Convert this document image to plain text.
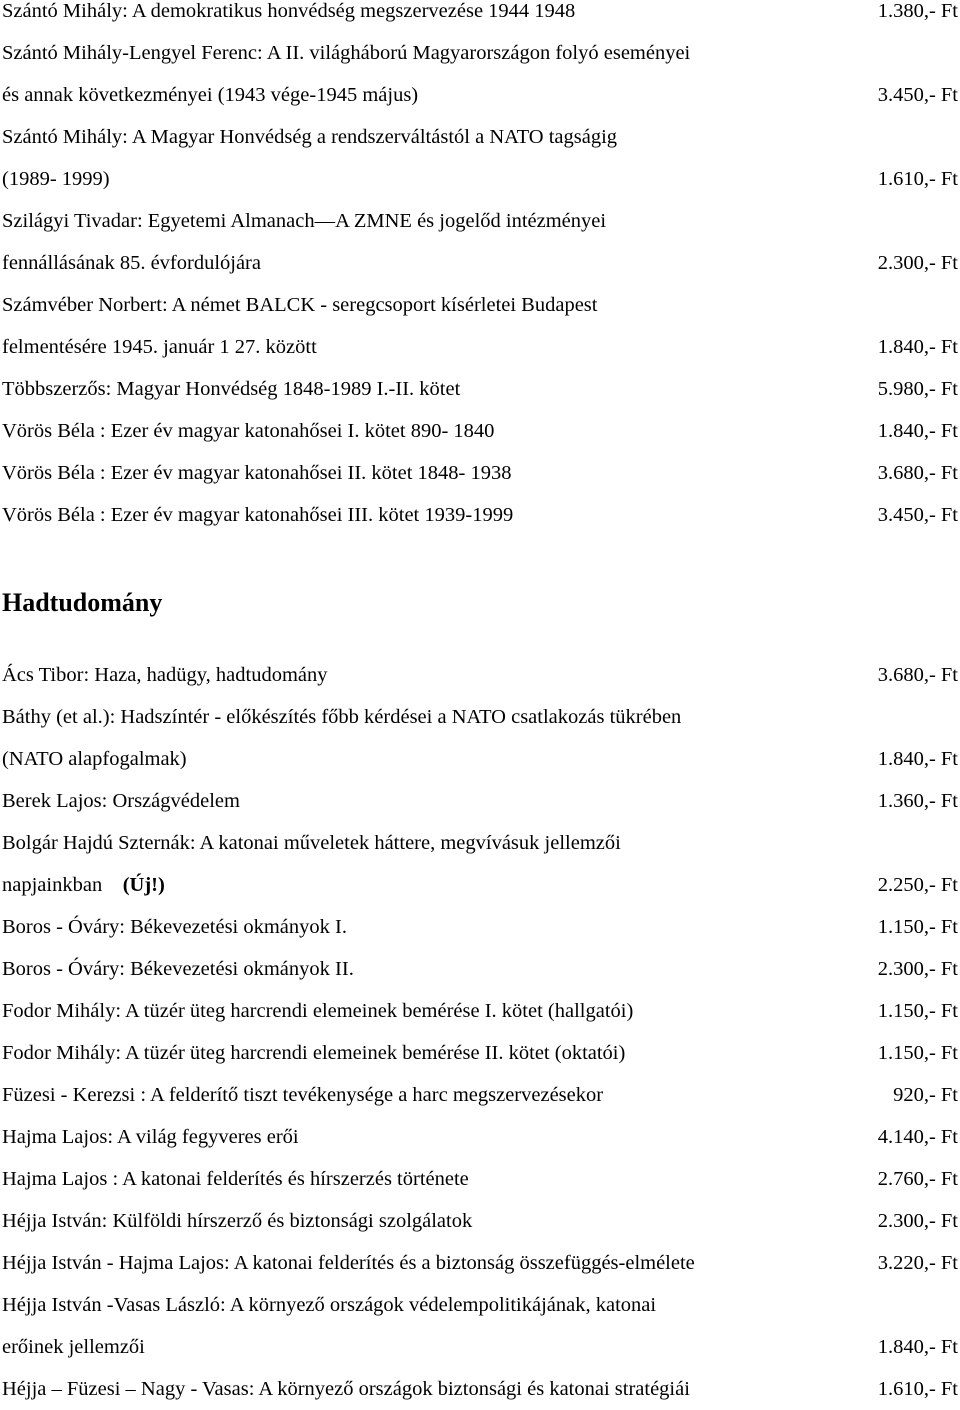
Szántó Mihály: A demokratikus honvédség megszervezése 1944 1948	1.380,- Ft
Szántó Mihály-Lengyel Ferenc: A II. világháború Magyarországon folyó eseményei
és annak következményei (1943 vége-1945 május)	3.450,- Ft
Szántó Mihály: A Magyar Honvédség a rendszerváltástól a NATO tagságig
(1989- 1999)	1.610,- Ft
Szilágyi Tivadar: Egyetemi Almanach—A ZMNE és jogelőd intézményei
fennállásának 85. évfordulójára	2.300,- Ft
Számvéber Norbert: A német BALCK - seregcsoport kísérletei Budapest
felmentésére 1945. január 1 27. között	1.840,- Ft
Többszerzős: Magyar Honvédség 1848-1989 I.-II. kötet	5.980,- Ft
Vörös Béla : Ezer év magyar katonahősei I. kötet 890- 1840	1.840,- Ft
Vörös Béla : Ezer év magyar katonahősei II. kötet 1848- 1938	3.680,- Ft
Vörös Béla : Ezer év magyar katonahősei III. kötet 1939-1999	3.450,- Ft
Hadtudomány
Ács Tibor: Haza, hadügy, hadtudomány	3.680,- Ft
Báthy (et al.): Hadszíntér - előkészítés főbb kérdései a NATO csatlakozás tükrében
(NATO alapfogalmak)	1.840,- Ft
Berek Lajos: Országvédelem	1.360,- Ft
Bolgár Hajdú Szternák: A katonai műveletek háttere, megvívásuk jellemzői
napjainkban (Új!)	2.250,- Ft
Boros - Óváry: Békevezetési okmányok I.	1.150,- Ft
Boros - Óváry: Békevezetési okmányok II.	2.300,- Ft
Fodor Mihály: A tüzér üteg harcrendi elemeinek bemérése I. kötet (hallgatói)	1.150,- Ft
Fodor Mihály: A tüzér üteg harcrendi elemeinek bemérése II. kötet (oktatói)	1.150,- Ft
Füzesi - Kerezsi : A felderítő tiszt tevékenysége a harc megszervezésekor	920,- Ft
Hajma Lajos: A világ fegyveres erői	4.140,- Ft
Hajma Lajos : A katonai felderítés és hírszerzés története	2.760,- Ft
Héjja István: Külföldi hírszerző és biztonsági szolgálatok	2.300,- Ft
Héjja István - Hajma Lajos: A katonai felderítés és a biztonság összefüggés-elmélete	3.220,- Ft
Héjja István -Vasas László: A környező országok védelempolitikájának, katonai
erőinek jellemzői	1.840,- Ft
Héjja – Füzesi – Nagy - Vasas: A környező országok biztonsági és katonai stratégiái	1.610,- Ft
